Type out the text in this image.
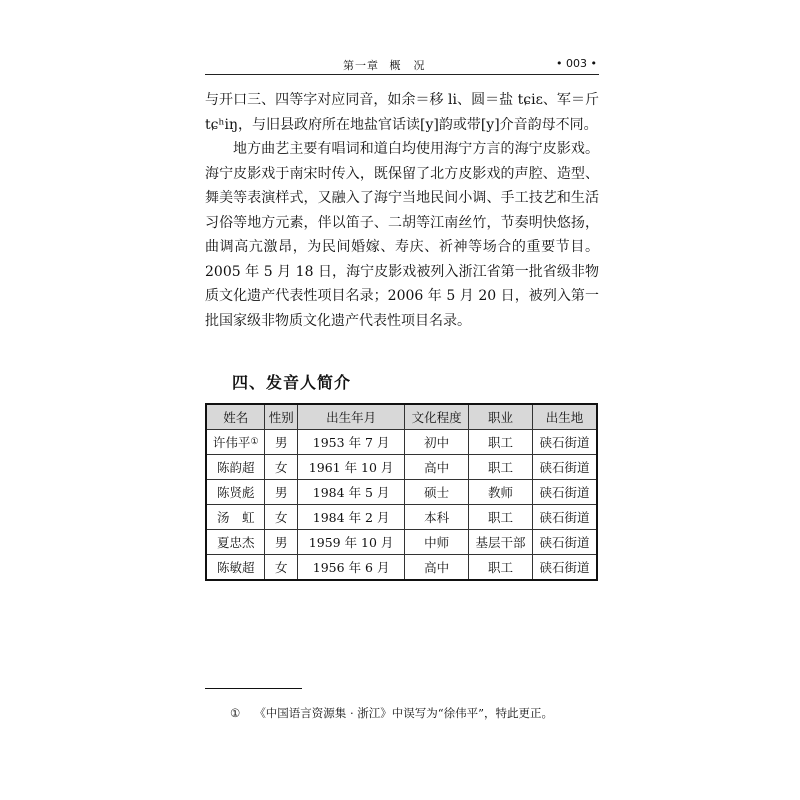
第一章 概　况	• 003 •

与开口三、四等字对应同音，如余＝移 li、圆＝盐 tɕiɛ、军＝斤 tɕʰiŋ，与旧县政府所在地盐官话读[y]韵或带[y]介音韵母不同。

地方曲艺主要有唱词和道白均使用海宁方言的海宁皮影戏。海宁皮影戏于南宋时传入，既保留了北方皮影戏的声腔、造型、舞美等表演样式，又融入了海宁当地民间小调、手工技艺和生活习俗等地方元素，伴以笛子、二胡等江南丝竹，节奏明快悠扬，曲调高亢激昂，为民间婚嫁、寿庆、祈神等场合的重要节目。2005 年 5 月 18 日，海宁皮影戏被列入浙江省第一批省级非物质文化遗产代表性项目名录；2006 年 5 月 20 日，被列入第一批国家级非物质文化遗产代表性项目名录。

四、发音人简介
姓名	性别	出生年月	文化程度	职业	出生地
许伟平①	男	1953 年 7 月	初中	职工	硖石街道
陈韵超	女	1961 年 10 月	高中	职工	硖石街道
陈贤彪	男	1984 年 5 月	硕士	教师	硖石街道
汤　虹	女	1984 年 2 月	本科	职工	硖石街道
夏忠杰	男	1959 年 10 月	中师	基层干部	硖石街道
陈敏超	女	1956 年 6 月	高中	职工	硖石街道
① 《中国语言资源集 · 浙江》中误写为“徐伟平”，特此更正。
